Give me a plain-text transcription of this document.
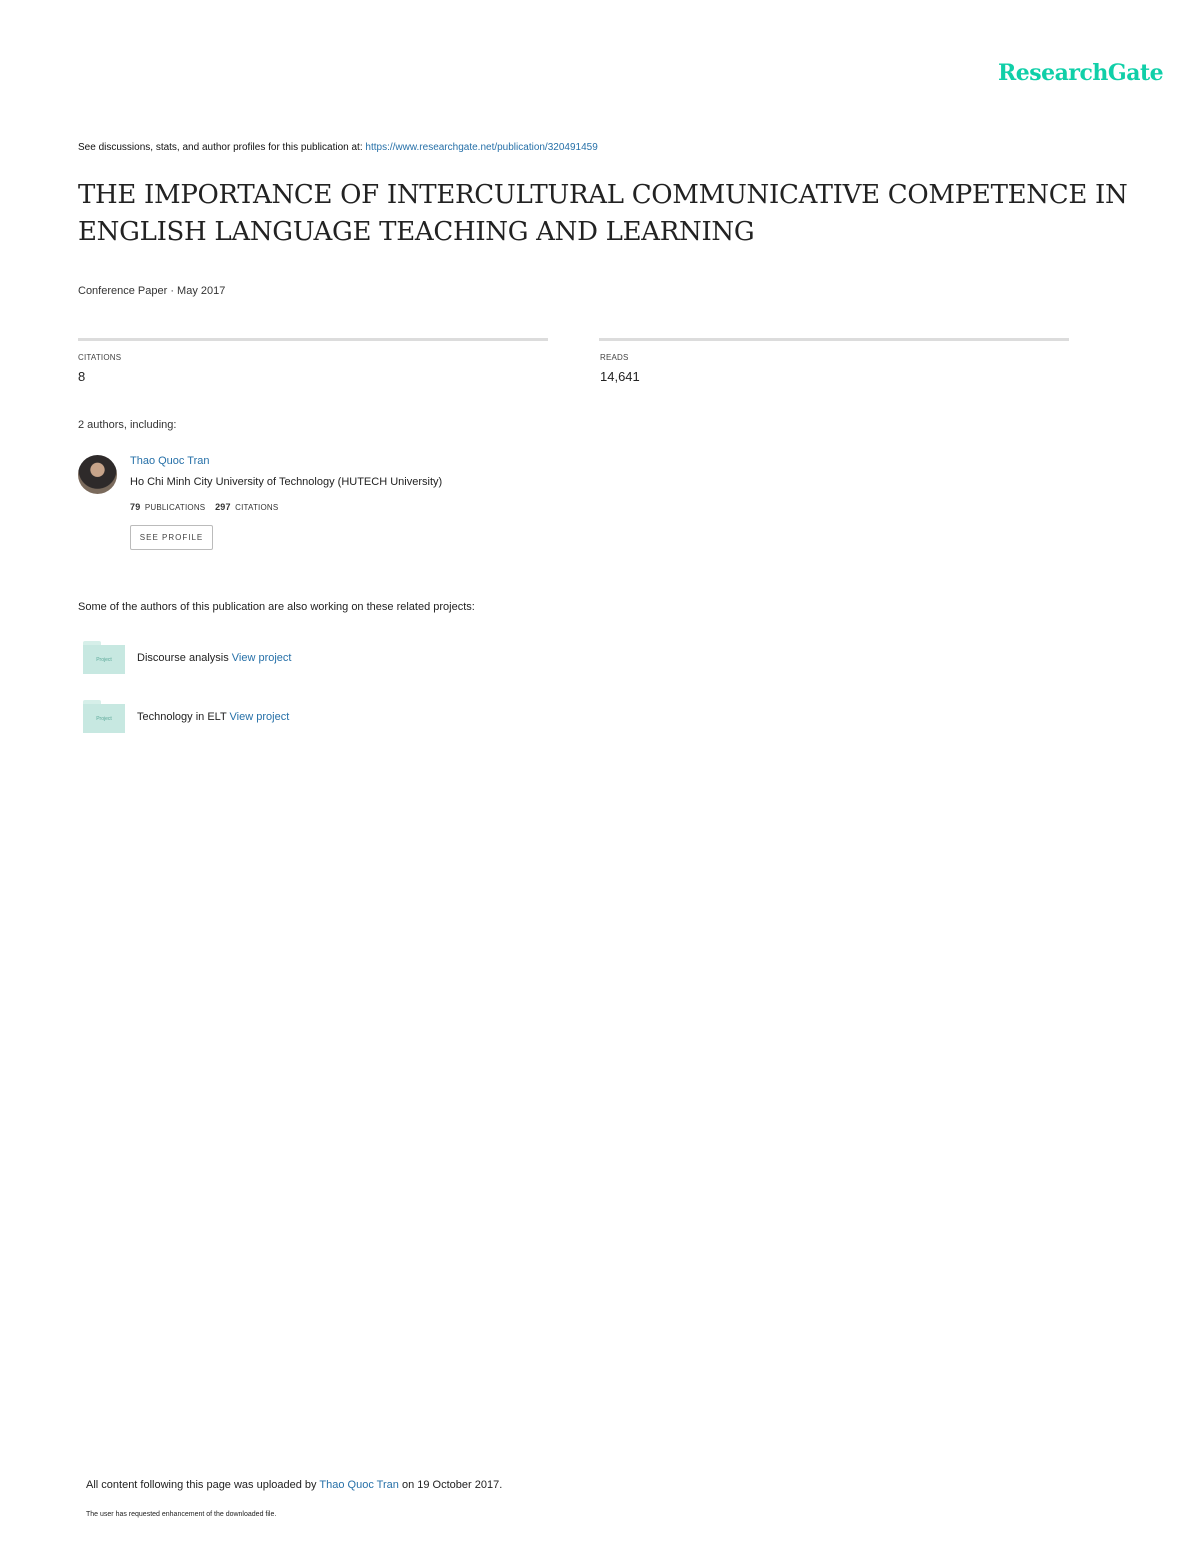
ResearchGate
See discussions, stats, and author profiles for this publication at: https://www.researchgate.net/publication/320491459
THE IMPORTANCE OF INTERCULTURAL COMMUNICATIVE COMPETENCE IN ENGLISH LANGUAGE TEACHING AND LEARNING
Conference Paper · May 2017
CITATIONS
8
READS
14,641
2 authors, including:
Thao Quoc Tran
Ho Chi Minh City University of Technology (HUTECH University)
79 PUBLICATIONS 297 CITATIONS
SEE PROFILE
Some of the authors of this publication are also working on these related projects:
Project	Discourse analysis View project
Project	Technology in ELT View project
All content following this page was uploaded by Thao Quoc Tran on 19 October 2017.
The user has requested enhancement of the downloaded file.
